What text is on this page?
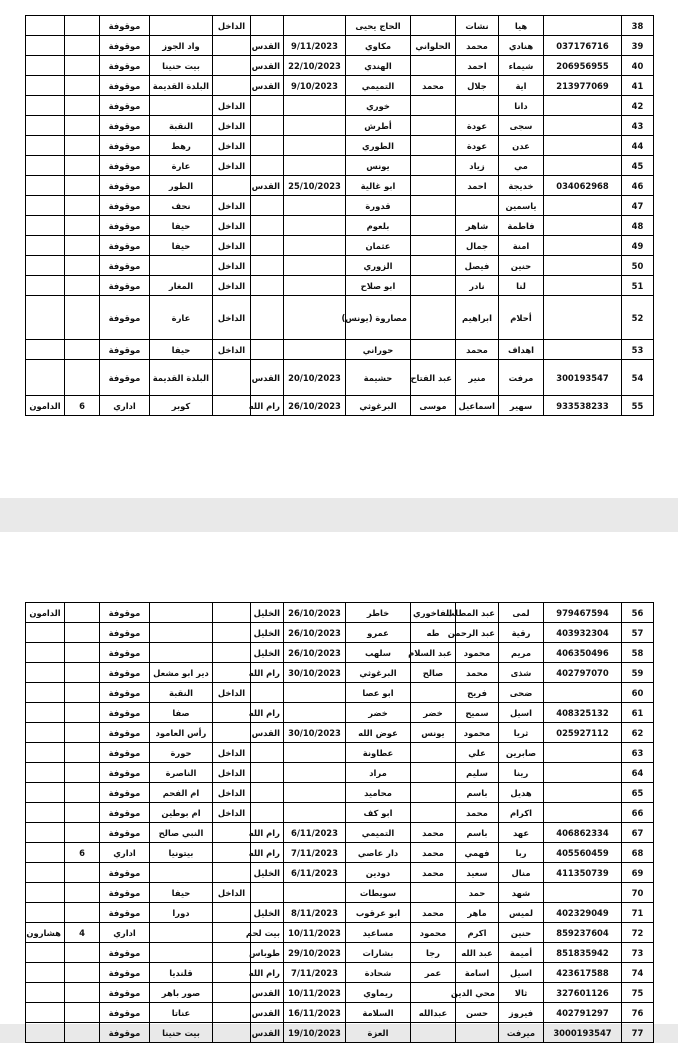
38		هيا	نشات		الحاج يحيى			الداخل		موقوفة		
39	037176716	هنادي	محمد	الحلواني	مكاوي	9/11/2023	القدس		واد الجوز	موقوفة		
40	206956955	شيماء	احمد		الهندي	22/10/2023	القدس		بيت حنينا	موقوفة		
41	213977069	اية	جلال	محمد	التميمي	9/10/2023	القدس		البلدة القديمة	موقوفة		
42		دانا			خوري			الداخل		موقوفة		
43		سجى	عودة		أطرش			الداخل	النقبة	موقوفة		
44		عدن	عودة		الطوري			الداخل	رهط	موقوفة		
45		مي	زياد		يونس			الداخل	عارة	موقوفة		
46	034062968	خديجة	احمد		ابو غالية	25/10/2023	القدس		الطور	موقوفة		
47		ياسمين			قدورة			الداخل	نحف	موقوفة		
48		فاطمة	شاهر		بلعوم			الداخل	حيفا	موقوفة		
49		امنة	جمال		عثمان			الداخل	حيفا	موقوفة		
50		حنين	فيصل		الزوري			الداخل		موقوفة		
51		لنا	نادر		ابو صلاح			الداخل	المغار	موقوفة		
52		أحلام	ابراهيم		مصاروة (يونس)			الداخل	عارة	موقوفة		
53		اهداف	محمد		حوراني			الداخل	حيفا	موقوفة		
54	300193547	مرفت	منير	عبد الفتاح	حشيمة	20/10/2023	القدس		البلدة القديمة	موقوفة		
55	933538233	سهير	اسماعيل	موسى	البرغوثي	26/10/2023	رام الله		كوبر	اداري	6	الدامون
56	979467594	لمى	عبد المطلب	الفاخوري	خاطر	26/10/2023	الخليل			موقوفة		الدامون
57	403932304	رقية	عبد الرحمن	طه	عمرو	26/10/2023	الخليل			موقوفة		
58	406350496	مريم	محمود	عبد السلام	سلهب	26/10/2023	الخليل			موقوفة		
59	402797070	شذى	محمد	صالح	البرغوثي	30/10/2023	رام الله		دير ابو مشعل	موقوفة		
60		ضحى	فريح		ابو عصا			الداخل	النقبة	موقوفة		
61	408325132	اسيل	سميح	خضر	خضر		رام الله		صفا	موقوفة		
62	025927112	ثريا	محمود	يونس	عوض الله	30/10/2023	القدس		رأس العامود	موقوفة		
63		صابرين	علي		عطاونة			الداخل	حورة	موقوفة		
64		رينا	سليم		مراد			الداخل	الناصرة	موقوفة		
65		هديل	باسم		محاميد			الداخل	ام الفحم	موقوفة		
66		اكرام	محمد		ابو كف			الداخل	ام بوطين	موقوفة		
67	406862334	عهد	باسم	محمد	التميمي	6/11/2023	رام الله		النبي صالح	موقوفة		
68	405560459	ربا	فهمي	محمد	دار عاصي	7/11/2023	رام الله		بيتونيا	اداري	6	
69	411350739	منال	سعيد	محمد	دودين	6/11/2023	الخليل			موقوفة		
70		شهد	حمد		سويطات			الداخل	حيفا	موقوفة		
71	402329049	لميس	ماهر	محمد	ابو عرقوب	8/11/2023	الخليل		دورا	موقوفة		
72	859237604	حنين	اكرم	محمود	مساعيد	10/11/2023	بيت لحم			اداري	4	هشارون
73	851835942	أميمة	عبد الله	رجا	بشارات	29/10/2023	طوباس			موقوفة		
74	423617588	اسيل	اسامة	عمر	شحادة	7/11/2023	رام الله		قلنديا	موقوفة		
75	327601126	ثالا	محي الدين		ريماوي	10/11/2023	القدس		صور باهر	موقوفة		
76	402791297	فيروز	حسن	عبدالله	السلامة	16/11/2023	القدس		عناتا	موقوفة		
77	3000193547	ميرفت			العزة	19/10/2023	القدس		بيت حنينا	موقوفة		
